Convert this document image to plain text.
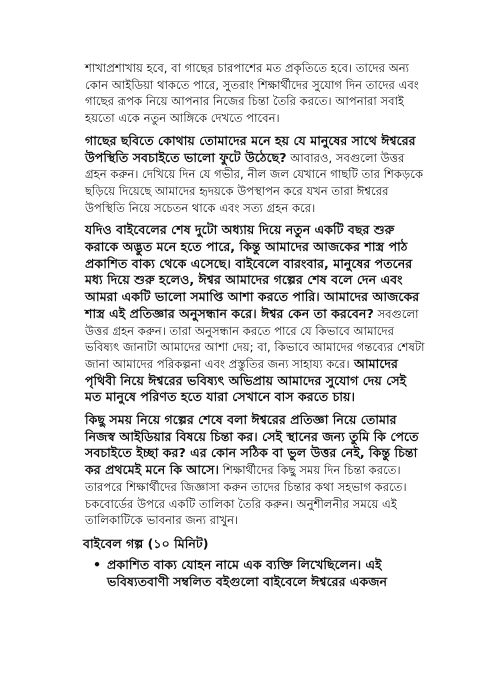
শাখাপ্রশাখায় হবে, বা গাছের চারপাশের মত প্রকৃতিতে হবে। তাদের অন্য কোন আইডিয়া থাকতে পারে, সুতরাং শিক্ষার্থীদের সুযোগ দিন তাদের এবং গাছের রূপক নিয়ে আপনার নিজের চিন্তা তৈরি করতে। আপনারা সবাই হয়তো একে নতুন আঙ্গিকে দেখতে পাবেন।

গাছের ছবিতে কোথায় তোমাদের মনে হয় যে মানুষের সাথে ঈশ্বরের উপস্থিতি সবচাইতে ভালো ফুটে উঠেছে? আবারও, সবগুলো উত্তর গ্রহন করুন। দেখিয়ে দিন যে গভীর, নীল জল যেখানে গাছটি তার শিকড়কে ছড়িয়ে দিয়েছে আমাদের হৃদয়কে উপস্থাপন করে যখন তারা ঈশ্বরের উপস্থিতি নিয়ে সচেতন থাকে এবং সত্য গ্রহন করে।

যদিও বাইবেলের শেষ দুটো অধ্যায় দিয়ে নতুন একটি বছর শুরু করাকে অদ্ভুত মনে হতে পারে, কিন্তু আমাদের আজকের শাস্ত্র পাঠ প্রকাশিত বাক্য থেকে এসেছে। বাইবেলে বারংবার, মানুষের পতনের মধ্য দিয়ে শুরু হলেও, ঈশ্বর আমাদের গল্পের শেষ বলে দেন এবং আমরা একটি ভালো সমাপ্তি আশা করতে পারি। আমাদের আজকের শাস্ত্র এই প্রতিজ্ঞার অনুসন্ধান করে। ঈশ্বর কেন তা করবেন? সবগুলো উত্তর গ্রহন করুন। তারা অনুসন্ধান করতে পারে যে কিভাবে আমাদের ভবিষ্যৎ জানাটা আমাদের আশা দেয়; বা, কিভাবে আমাদের গন্তব্যের শেষটা জানা আমাদের পরিকল্পনা এবং প্রস্তুতির জন্য সাহায্য করে। আমাদের পৃথিবী নিয়ে ঈশ্বরের ভবিষ্যৎ অভিপ্রায় আমাদের সুযোগ দেয় সেই মত মানুষে পরিণত হতে যারা সেখানে বাস করতে চায়।

কিছু সময় নিয়ে গল্পের শেষে বলা ঈশ্বরের প্রতিজ্ঞা নিয়ে তোমার নিজস্ব আইডিয়ার বিষয়ে চিন্তা কর। সেই স্থানের জন্য তুমি কি পেতে সবচাইতে ইচ্ছা কর? এর কোন সঠিক বা ভুল উত্তর নেই, কিন্তু চিন্তা কর প্রথমেই মনে কি আসে। শিক্ষার্থীদের কিছু সময় দিন চিন্তা করতে। তারপরে শিক্ষার্থীদের জিজ্ঞাসা করুন তাদের চিন্তার কথা সহভাগ করতে। চকবোর্ডের উপরে একটি তালিকা তৈরি করুন। অনুশীলনীর সময়ে এই তালিকাটিকে ভাবনার জন্য রাখুন।

বাইবেল গল্প (১০ মিনিট)
• প্রকাশিত বাক্য যোহন নামে এক ব্যক্তি লিখেছিলেন। এই ভবিষ্যতবাণী সম্বলিত বইগুলো বাইবেলে ঈশ্বরের একজন
